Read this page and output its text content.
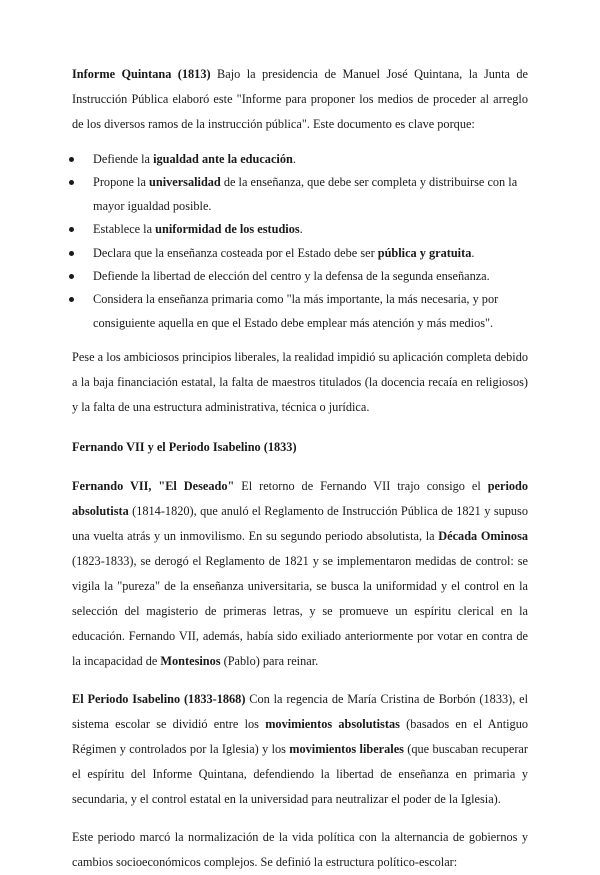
Informe Quintana (1813) Bajo la presidencia de Manuel José Quintana, la Junta de Instrucción Pública elaboró este "Informe para proponer los medios de proceder al arreglo de los diversos ramos de la instrucción pública". Este documento es clave porque:

Defiende la igualdad ante la educación.
Propone la universalidad de la enseñanza, que debe ser completa y distribuirse con la mayor igualdad posible.
Establece la uniformidad de los estudios.
Declara que la enseñanza costeada por el Estado debe ser pública y gratuita.
Defiende la libertad de elección del centro y la defensa de la segunda enseñanza.
Considera la enseñanza primaria como "la más importante, la más necesaria, y por consiguiente aquella en que el Estado debe emplear más atención y más medios".

Pese a los ambiciosos principios liberales, la realidad impidió su aplicación completa debido a la baja financiación estatal, la falta de maestros titulados (la docencia recaía en religiosos) y la falta de una estructura administrativa, técnica o jurídica.

Fernando VII y el Periodo Isabelino (1833)

Fernando VII, "El Deseado" El retorno de Fernando VII trajo consigo el periodo absolutista (1814-1820), que anuló el Reglamento de Instrucción Pública de 1821 y supuso una vuelta atrás y un inmovilismo. En su segundo periodo absolutista, la Década Ominosa (1823-1833), se derogó el Reglamento de 1821 y se implementaron medidas de control: se vigila la "pureza" de la enseñanza universitaria, se busca la uniformidad y el control en la selección del magisterio de primeras letras, y se promueve un espíritu clerical en la educación. Fernando VII, además, había sido exiliado anteriormente por votar en contra de la incapacidad de Montesinos (Pablo) para reinar.

El Periodo Isabelino (1833-1868) Con la regencia de María Cristina de Borbón (1833), el sistema escolar se dividió entre los movimientos absolutistas (basados en el Antiguo Régimen y controlados por la Iglesia) y los movimientos liberales (que buscaban recuperar el espíritu del Informe Quintana, defendiendo la libertad de enseñanza en primaria y secundaria, y el control estatal en la universidad para neutralizar el poder de la Iglesia).

Este periodo marcó la normalización de la vida política con la alternancia de gobiernos y cambios socioeconómicos complejos. Se definió la estructura político-escolar:
